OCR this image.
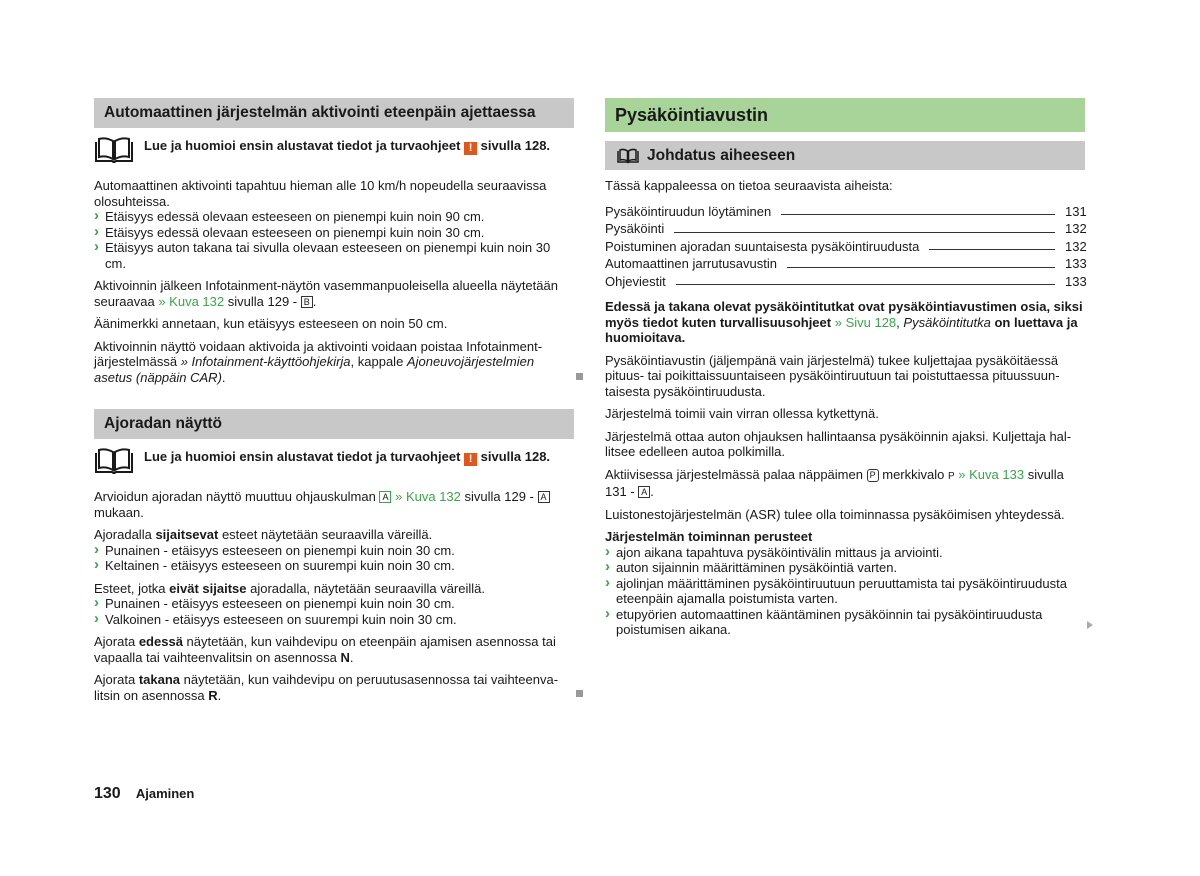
Automaattinen järjestelmän aktivointi eteenpäin ajettaessa
Lue ja huomioi ensin alustavat tiedot ja turvaohjeet ! sivulla 128.

Automaattinen aktivointi tapahtuu hieman alle 10 km/h nopeudella seuraavissa olosuhteissa.

› Etäisyys edessä olevaan esteeseen on pienempi kuin noin 90 cm.
› Etäisyys edessä olevaan esteeseen on pienempi kuin noin 30 cm.
› Etäisyys auton takana tai sivulla olevaan esteeseen on pienempi kuin noin 30 cm.

Aktivoinnin jälkeen Infotainment-näytön vasemmanpuoleisella alueella näytetään seuraavaa » Kuva 132 sivulla 129 - B .

Äänimerkki annetaan, kun etäisyys esteeseen on noin 50 cm.

Aktivoinnin näyttö voidaan aktivoida ja aktivointi voidaan poistaa Infotainment-järjestelmässä » Infotainment-käyttöohjekirja, kappale Ajoneuvojärjestelmien asetus (näppäin CAR).

Ajoradan näyttö
Lue ja huomioi ensin alustavat tiedot ja turvaohjeet ! sivulla 128.

Arvioidun ajoradan näyttö muuttuu ohjauskulman A » Kuva 132 sivulla 129 - A mukaan.

Ajoradalla sijaitsevat esteet näytetään seuraavilla väreillä.

› Punainen - etäisyys esteeseen on pienempi kuin noin 30 cm.
› Keltainen - etäisyys esteeseen on suurempi kuin noin 30 cm.

Esteet, jotka eivät sijaitse ajoradalla, näytetään seuraavilla väreillä.

› Punainen - etäisyys esteeseen on pienempi kuin noin 30 cm.
› Valkoinen - etäisyys esteeseen on suurempi kuin noin 30 cm.

Ajorata edessä näytetään, kun vaihdevipu on eteenpäin ajamisen asennossa tai vapaalla tai vaihteenvalitsin on asennossa N.

Ajorata takana näytetään, kun vaihdevipu on peruutusasennossa tai vaihteenvalitsin on asennossa R.

Pysäköintiavustin
Johdatus aiheeseen

Tässä kappaleessa on tietoa seuraavista aiheista:

Pysäköintiruudun löytäminen	131
Pysäköinti	132
Poistuminen ajoradan suuntaisesta pysäköintiruudusta	132
Automaattinen jarrutusavustin	133
Ohjeviestit	133

Edessä ja takana olevat pysäköintitutkat ovat pysäköintiavustimen osia, siksi myös tiedot kuten turvallisuusohjeet » Sivu 128, Pysäköintitutka on luettava ja huomioitava.

Pysäköintiavustin (jäljempänä vain järjestelmä) tukee kuljettajaa pysäköitäessä pituus- tai poikittaissuuntaiseen pysäköintiruutuun tai poistuttaessa pituussuuntaisesta pysäköintiruudusta.

Järjestelmä toimii vain virran ollessa kytkettynä.

Järjestelmä ottaa auton ohjauksen hallintaansa pysäköinnin ajaksi. Kuljettaja hallitsee edelleen autoa polkimilla.

Aktiivisessa järjestelmässä palaa näppäimen P merkkivalo P » Kuva 133 sivulla 131 - A .

Luistonestojärjestelmän (ASR) tulee olla toiminnassa pysäköimisen yhteydessä.

Järjestelmän toiminnan perusteet
› ajon aikana tapahtuva pysäköintivälin mittaus ja arviointi.
› auton sijainnin määrittäminen pysäköintiä varten.
› ajolinjan määrittäminen pysäköintiruutuun peruuttamista tai pysäköintiruudusta eteenpäin ajamalla poistumista varten.
› etupyörien automaattinen kääntäminen pysäköinnin tai pysäköintiruudusta poistumisen aikana.
130 Ajaminen
